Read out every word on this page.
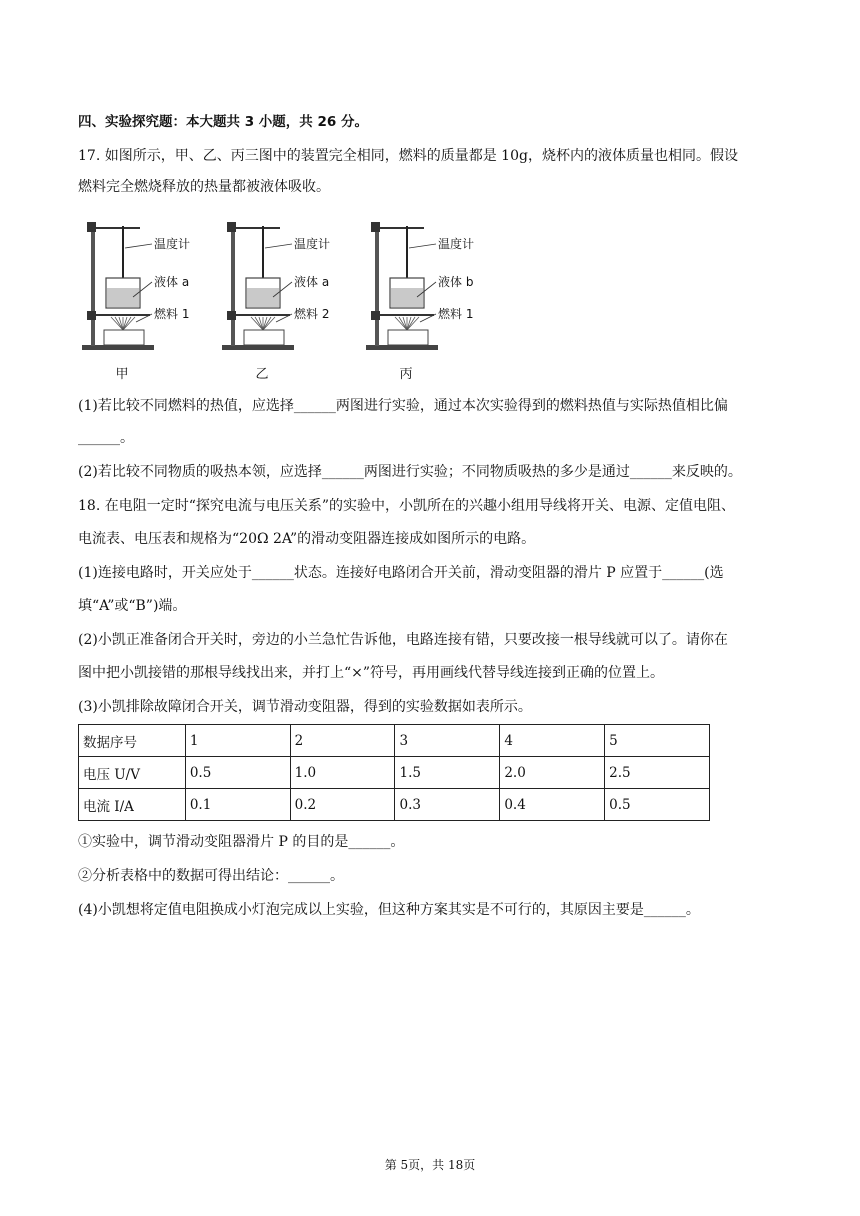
四、实验探究题：本大题共 3 小题，共 26 分。
17. 如图所示，甲、乙、丙三图中的装置完全相同，燃料的质量都是 10g，烧杯内的液体质量也相同。假设
燃料完全燃烧释放的热量都被液体吸收。
温度计
液体 a
燃料 1
甲
温度计
液体 a
燃料 2
乙
温度计
液体 b
燃料 1
丙
(1)若比较不同燃料的热值，应选择______两图进行实验，通过本次实验得到的燃料热值与实际热值相比偏
______。
(2)若比较不同物质的吸热本领，应选择______两图进行实验；不同物质吸热的多少是通过______来反映的。
18. 在电阻一定时“探究电流与电压关系”的实验中，小凯所在的兴趣小组用导线将开关、电源、定值电阻、
电流表、电压表和规格为“20Ω 2A”的滑动变阻器连接成如图所示的电路。
(1)连接电路时，开关应处于______状态。连接好电路闭合开关前，滑动变阻器的滑片 P 应置于______(选
填“A”或“B”)端。
(2)小凯正准备闭合开关时，旁边的小兰急忙告诉他，电路连接有错，只要改接一根导线就可以了。请你在
图中把小凯接错的那根导线找出来，并打上“×”符号，再用画线代替导线连接到正确的位置上。
(3)小凯排除故障闭合开关，调节滑动变阻器，得到的实验数据如表所示。
数据序号	1	2	3	4	5
电压 U/V	0.5	1.0	1.5	2.0	2.5
电流 I/A	0.1	0.2	0.3	0.4	0.5
①实验中，调节滑动变阻器滑片 P 的目的是______。
②分析表格中的数据可得出结论：______。
(4)小凯想将定值电阻换成小灯泡完成以上实验，但这种方案其实是不可行的，其原因主要是______。
第 5页，共 18页
